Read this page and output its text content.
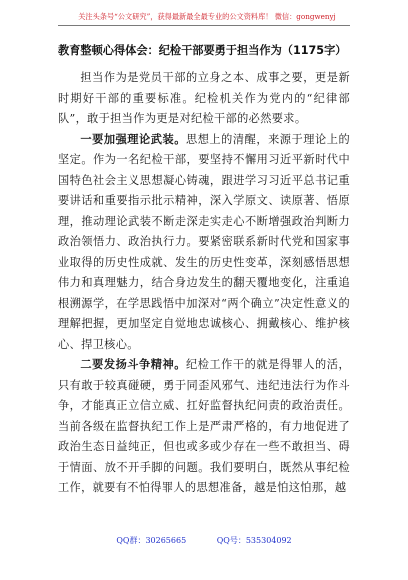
关注头条号“公文研究”，获得最新最全最专业的公文资料库！ 微信：gongwenyj
教育整顿心得体会：纪检干部要勇于担当作为（1175字）

担当作为是党员干部的立身之本、成事之要，更是新时期好干部的重要标准。纪检机关作为党内的“纪律部队”，敢于担当作为更是对纪检干部的必然要求。

一要加强理论武装。思想上的清醒，来源于理论上的坚定。作为一名纪检干部，要坚持不懈用习近平新时代中国特色社会主义思想凝心铸魂，跟进学习习近平总书记重要讲话和重要指示批示精神，深入学原文、读原著、悟原理，推动理论武装不断走深走实走心不断增强政治判断力政治领悟力、政治执行力。要紧密联系新时代党和国家事业取得的历史性成就、发生的历史性变革，深刻感悟思想伟力和真理魅力，结合身边发生的翻天覆地变化，注重追根溯源学，在学思践悟中加深对“两个确立”决定性意义的理解把握，更加坚定自觉地忠诚核心、拥戴核心、维护核心、捍卫核心。

二要发扬斗争精神。纪检工作干的就是得罪人的活，只有敢于较真碰硬，勇于同歪风邪气、违纪违法行为作斗争，才能真正立信立威、扛好监督执纪问责的政治责任。当前各级在监督执纪工作上是严肃严格的，有力地促进了政治生态日益纯正，但也或多或少存在一些不敢担当、碍于情面、放不开手脚的问题。我们要明白，既然从事纪检工作，就要有不怕得罪人的思想准备，越是怕这怕那，越

QQ群：30265665	QQ号：535304092
